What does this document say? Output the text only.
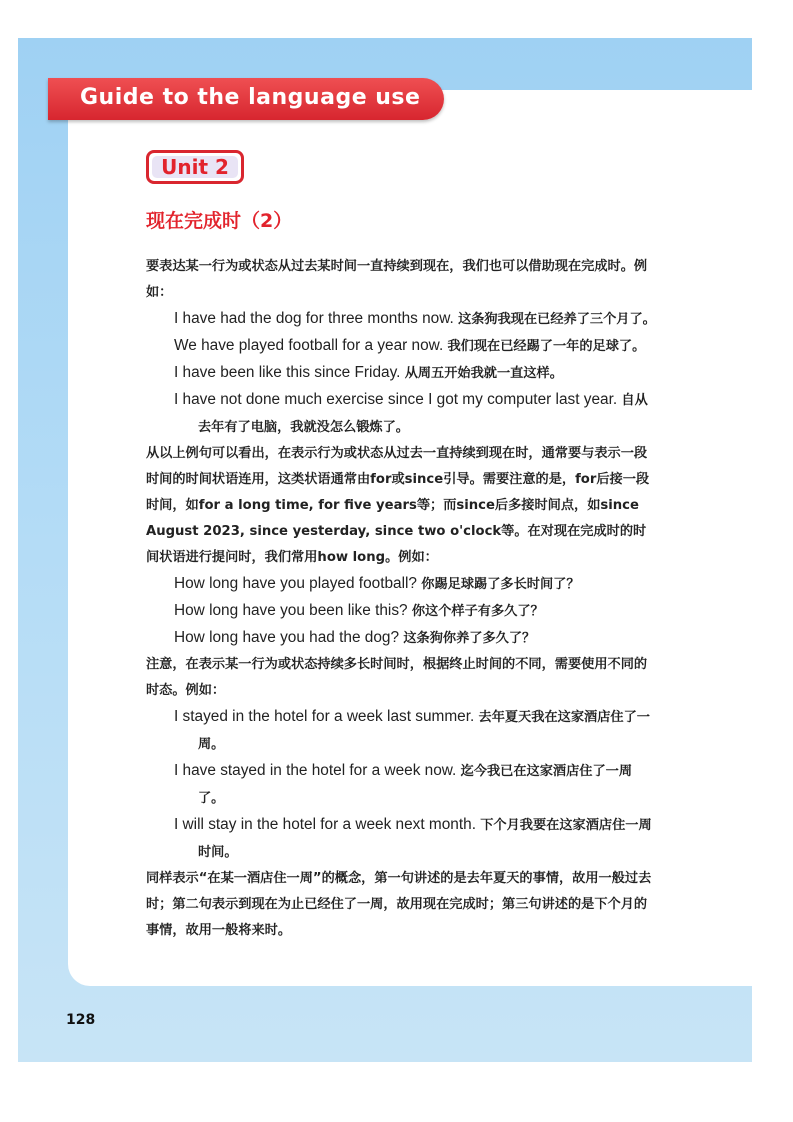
Guide to the language use
Unit 2
现在完成时（2）

要表达某一行为或状态从过去某时间一直持续到现在，我们也可以借助现在完成时。例如：

I have had the dog for three months now. 这条狗我现在已经养了三个月了。

We have played football for a year now. 我们现在已经踢了一年的足球了。

I have been like this since Friday. 从周五开始我就一直这样。

I have not done much exercise since I got my computer last year. 自从去年有了电脑，我就没怎么锻炼了。

从以上例句可以看出，在表示行为或状态从过去一直持续到现在时，通常要与表示一段时间的时间状语连用，这类状语通常由for或since引导。需要注意的是，for后接一段时间，如for a long time, for five years等；而since后多接时间点，如since August 2023, since yesterday, since two o'clock等。在对现在完成时的时间状语进行提问时，我们常用how long。例如：

How long have you played football? 你踢足球踢了多长时间了？

How long have you been like this? 你这个样子有多久了？

How long have you had the dog? 这条狗你养了多久了？

注意，在表示某一行为或状态持续多长时间时，根据终止时间的不同，需要使用不同的时态。例如：

I stayed in the hotel for a week last summer. 去年夏天我在这家酒店住了一周。

I have stayed in the hotel for a week now. 迄今我已在这家酒店住了一周了。

I will stay in the hotel for a week next month. 下个月我要在这家酒店住一周时间。

同样表示“在某一酒店住一周”的概念，第一句讲述的是去年夏天的事情，故用一般过去时；第二句表示到现在为止已经住了一周，故用现在完成时；第三句讲述的是下个月的事情，故用一般将来时。

128
